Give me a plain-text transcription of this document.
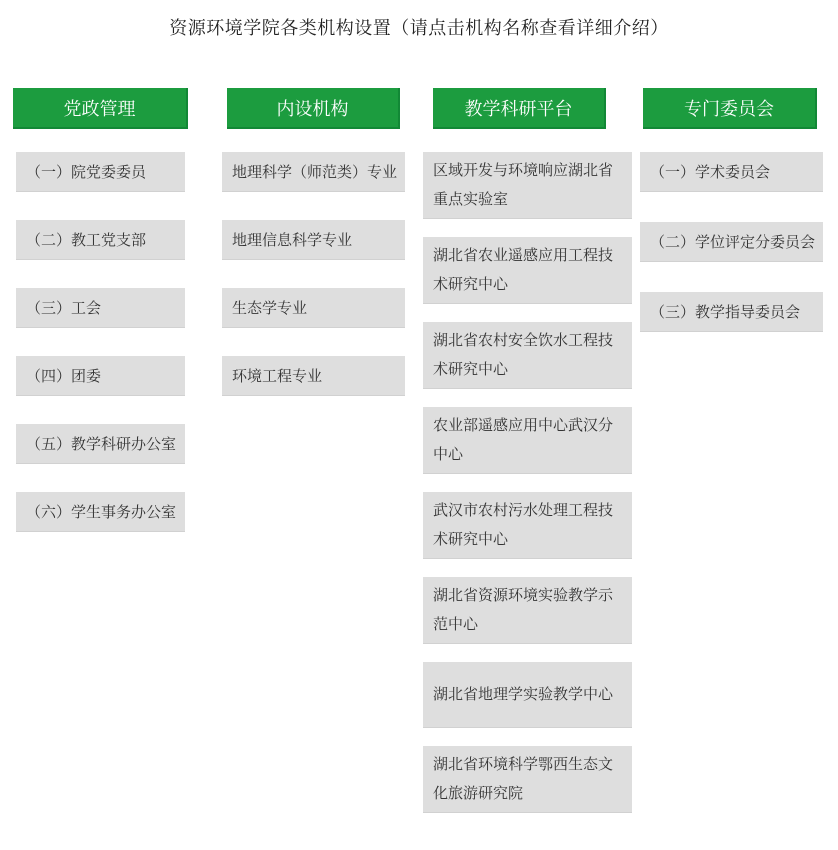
资源环境学院各类机构设置（请点击机构名称查看详细介绍）
党政管理
（一）院党委委员
（二）教工党支部
（三）工会
（四）团委
（五）教学科研办公室
（六）学生事务办公室
内设机构
地理科学（师范类）专业
地理信息科学专业
生态学专业
环境工程专业
教学科研平台
区域开发与环境响应湖北省重点实验室
湖北省农业遥感应用工程技术研究中心
湖北省农村安全饮水工程技术研究中心
农业部遥感应用中心武汉分中心
武汉市农村污水处理工程技术研究中心
湖北省资源环境实验教学示范中心
湖北省地理学实验教学中心
湖北省环境科学鄂西生态文化旅游研究院
专门委员会
（一）学术委员会
（二）学位评定分委员会
（三）教学指导委员会
